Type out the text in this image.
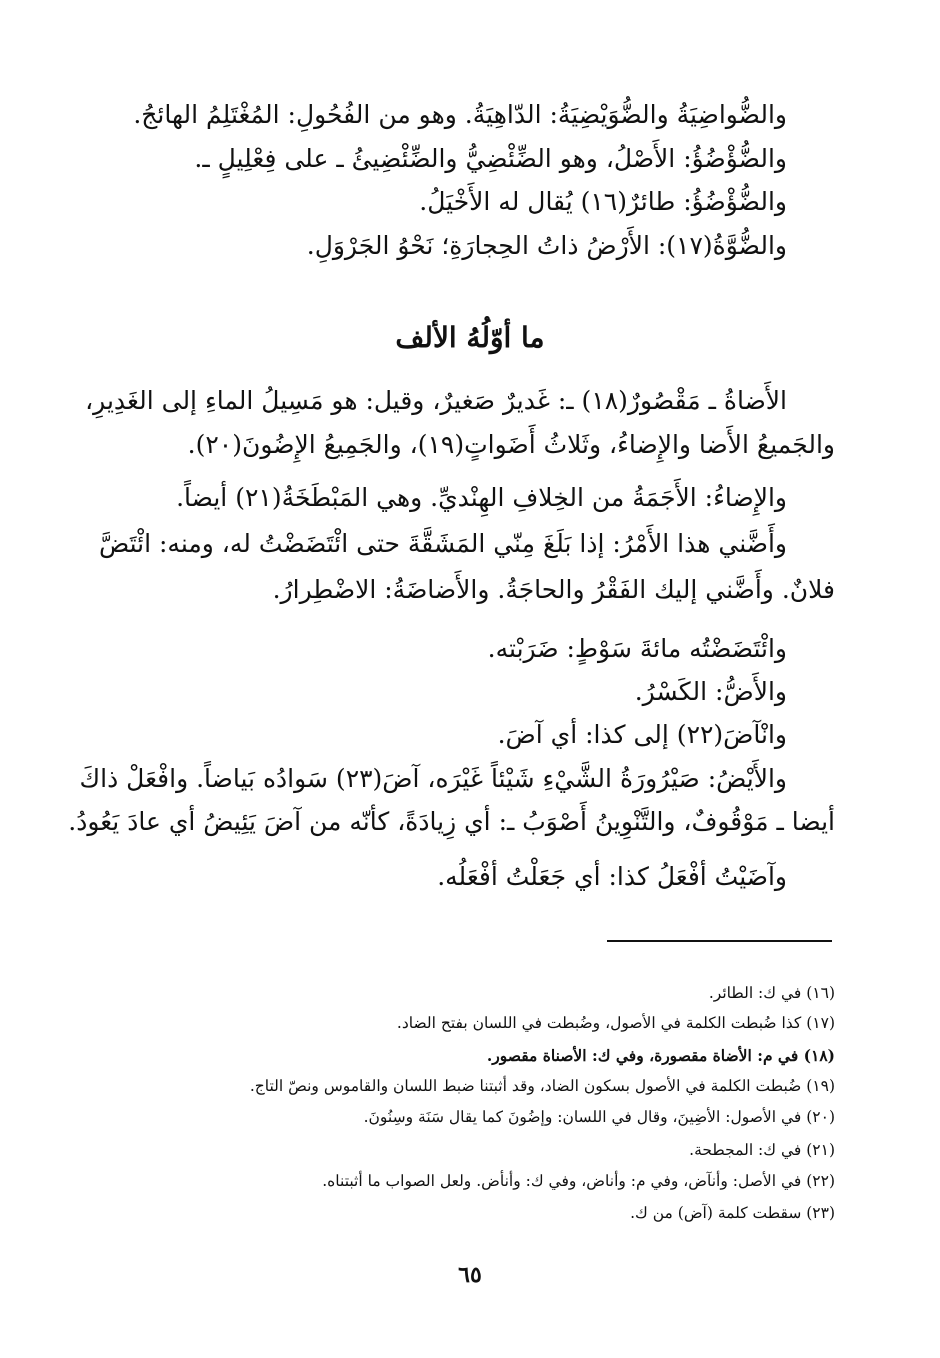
والضُّواضِيَةُ والضُّوَيْضِيَةُ: الدّاهِيَةُ. وهو من الفُحُولِ: المُغْتَلِمُ الهائجُ.
والضُّؤْضُؤُ: الأَصْلُ، وهو الضِّئْضِيُّ والضِّئْضِيئُ ـ على فِعْلِيلٍ ـ.
والضُّؤْضُؤُ: طائرٌ(١٦) يُقال له الأَخْيَلُ.
والضُّوَّةُ(١٧): الأَرْضُ ذاتُ الحِجارَةِ؛ نَحْوُ الجَرْوَلِ.
ما أوّلُهُ الألف
الأَضاةُ ـ مَقْصُورٌ(١٨) ـ: غَديرٌ صَغيرٌ، وقيل: هو مَسِيلُ الماءِ إلى الغَدِيرِ،
والجَميعُ الأَضا والإِضاءُ، وثَلاثُ أَضَواتٍ(١٩)، والجَمِيعُ الإِضُونَ(٢٠).
والإِضاءُ: الأَجَمَةُ من الخِلافِ الهِنْديِّ. وهي المَبْطَخَةُ(٢١) أيضاً.
وأَضَّني هذا الأَمْرُ: إذا بَلَغَ مِنّي المَشَقَّةَ حتى ائْتَضَضْتُ له، ومنه: ائْتَضَّ
فلانٌ. وأَضَّني إليك الفَقْرُ والحاجَةُ. والأَضاضَةُ: الاضْطِرارُ.
وائْتَضَضْتُه مائةَ سَوْطٍ: ضَرَبْته.
والأَضُّ: الكَسْرُ.
وانْآضَ(٢٢) إلى كذا: أي آضَ.
والأَيْضُ: صَيْرُورَةُ الشَّيْءِ شَيْئاً غَيْرَه، آضَ(٢٣) سَوادُه بَياضاً. وافْعَلْ ذاكَ
أيضا ـ مَوْقُوفٌ، والتَّنْوِينُ أَصْوَبُ ـ: أي زِيادَةً، كأنّه من آضَ يَئِيضُ أي عادَ يَعُودُ.
وآضَيْتُ أفْعَلُ كذا: أي جَعَلْتُ أفْعَلُه.
(١٦) في ك: الطائر.
(١٧) كذا ضُبطت الكلمة في الأصول، وضُبطت في اللسان بفتح الضاد.
(١٨) في م: الأضاة مقصورة، وفي ك: الأصناة مقصور.
(١٩) ضُبطت الكلمة في الأصول بسكون الضاد، وقد أثبتنا ضبط اللسان والقاموس ونصّ التاج.
(٢٠) في الأصول: الأضِينَ، وقال في اللسان: وإضُونَ كما يقال سَنَة وسِنُونَ.
(٢١) في ك: المجطحة.
(٢٢) في الأصل: وأنآض، وفي م: وأناض، وفي ك: وأنأض. ولعل الصواب ما أثبتناه.
(٢٣) سقطت كلمة (آض) من ك.
٦٥
